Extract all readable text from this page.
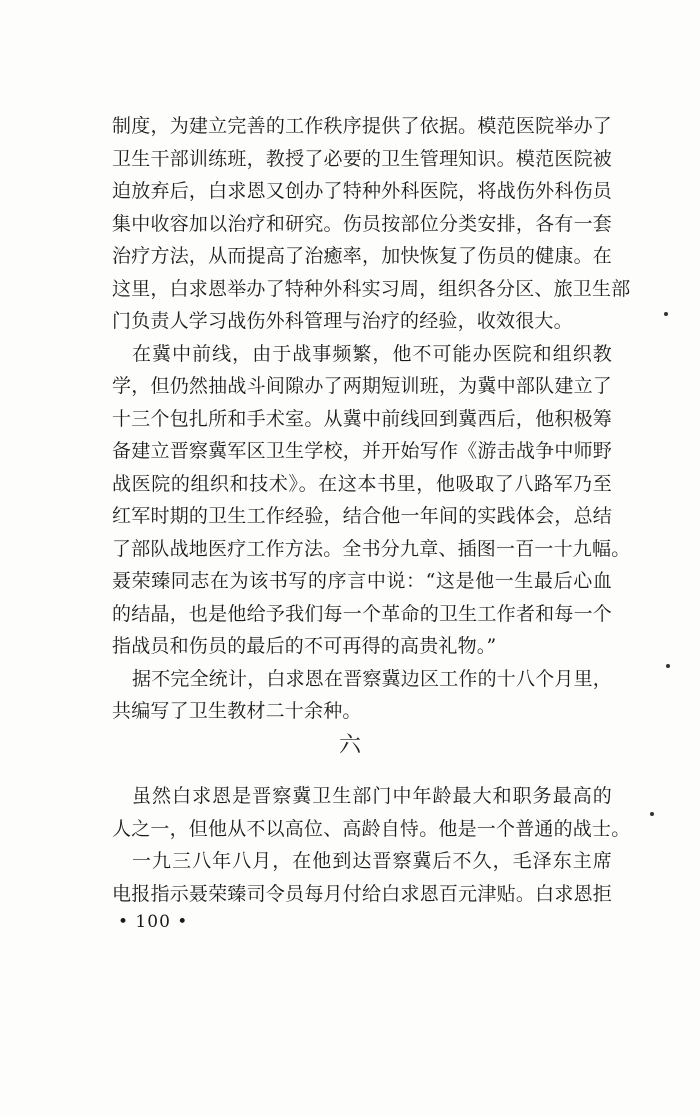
制度，为建立完善的工作秩序提供了依据。模范医院举办了
卫生干部训练班，教授了必要的卫生管理知识。模范医院被
迫放弃后，白求恩又创办了特种外科医院，将战伤外科伤员
集中收容加以治疗和研究。伤员按部位分类安排，各有一套
治疗方法，从而提高了治癒率，加快恢复了伤员的健康。在
这里，白求恩举办了特种外科实习周，组织各分区、旅卫生部
门负责人学习战伤外科管理与治疗的经验，收效很大。
在冀中前线，由于战事频繁，他不可能办医院和组织教
学，但仍然抽战斗间隙办了两期短训班，为冀中部队建立了
十三个包扎所和手术室。从冀中前线回到冀西后，他积极筹
备建立晋察冀军区卫生学校，并开始写作《游击战争中师野
战医院的组织和技术》。在这本书里，他吸取了八路军乃至
红军时期的卫生工作经验，结合他一年间的实践体会，总结
了部队战地医疗工作方法。全书分九章、插图一百一十九幅。
聂荣臻同志在为该书写的序言中说：“这是他一生最后心血
的结晶，也是他给予我们每一个革命的卫生工作者和每一个
指战员和伤员的最后的不可再得的高贵礼物。”
据不完全统计，白求恩在晋察冀边区工作的十八个月里，
共编写了卫生教材二十余种。
六
虽然白求恩是晋察冀卫生部门中年龄最大和职务最高的
人之一，但他从不以高位、高龄自恃。他是一个普通的战士。
一九三八年八月，在他到达晋察冀后不久，毛泽东主席
电报指示聂荣臻司令员每月付给白求恩百元津贴。白求恩拒
• 100 •
